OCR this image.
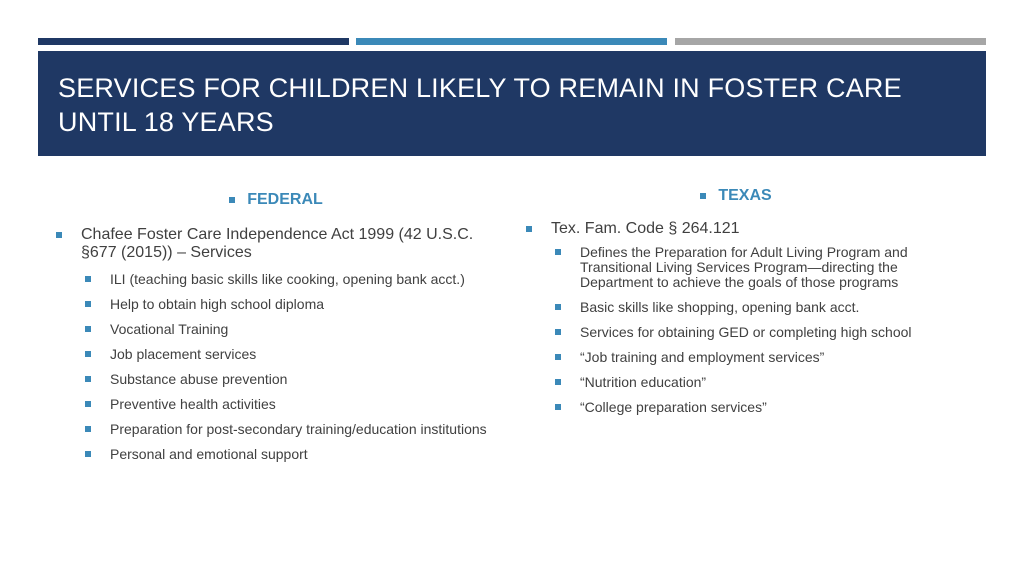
SERVICES FOR CHILDREN LIKELY TO REMAIN IN FOSTER CARE UNTIL 18 YEARS
FEDERAL
Chafee Foster Care Independence Act 1999 (42 U.S.C. §677 (2015)) – Services
ILI (teaching basic skills like cooking, opening bank acct.)
Help to obtain high school diploma
Vocational Training
Job placement services
Substance abuse prevention
Preventive health activities
Preparation for post-secondary training/education institutions
Personal and emotional support
TEXAS
Tex. Fam. Code § 264.121
Defines the Preparation for Adult Living Program and Transitional Living Services Program—directing the Department to achieve the goals of those programs
Basic skills like shopping, opening bank acct.
Services for obtaining GED or completing high school
“Job training and employment services”
“Nutrition education”
“College preparation services”
